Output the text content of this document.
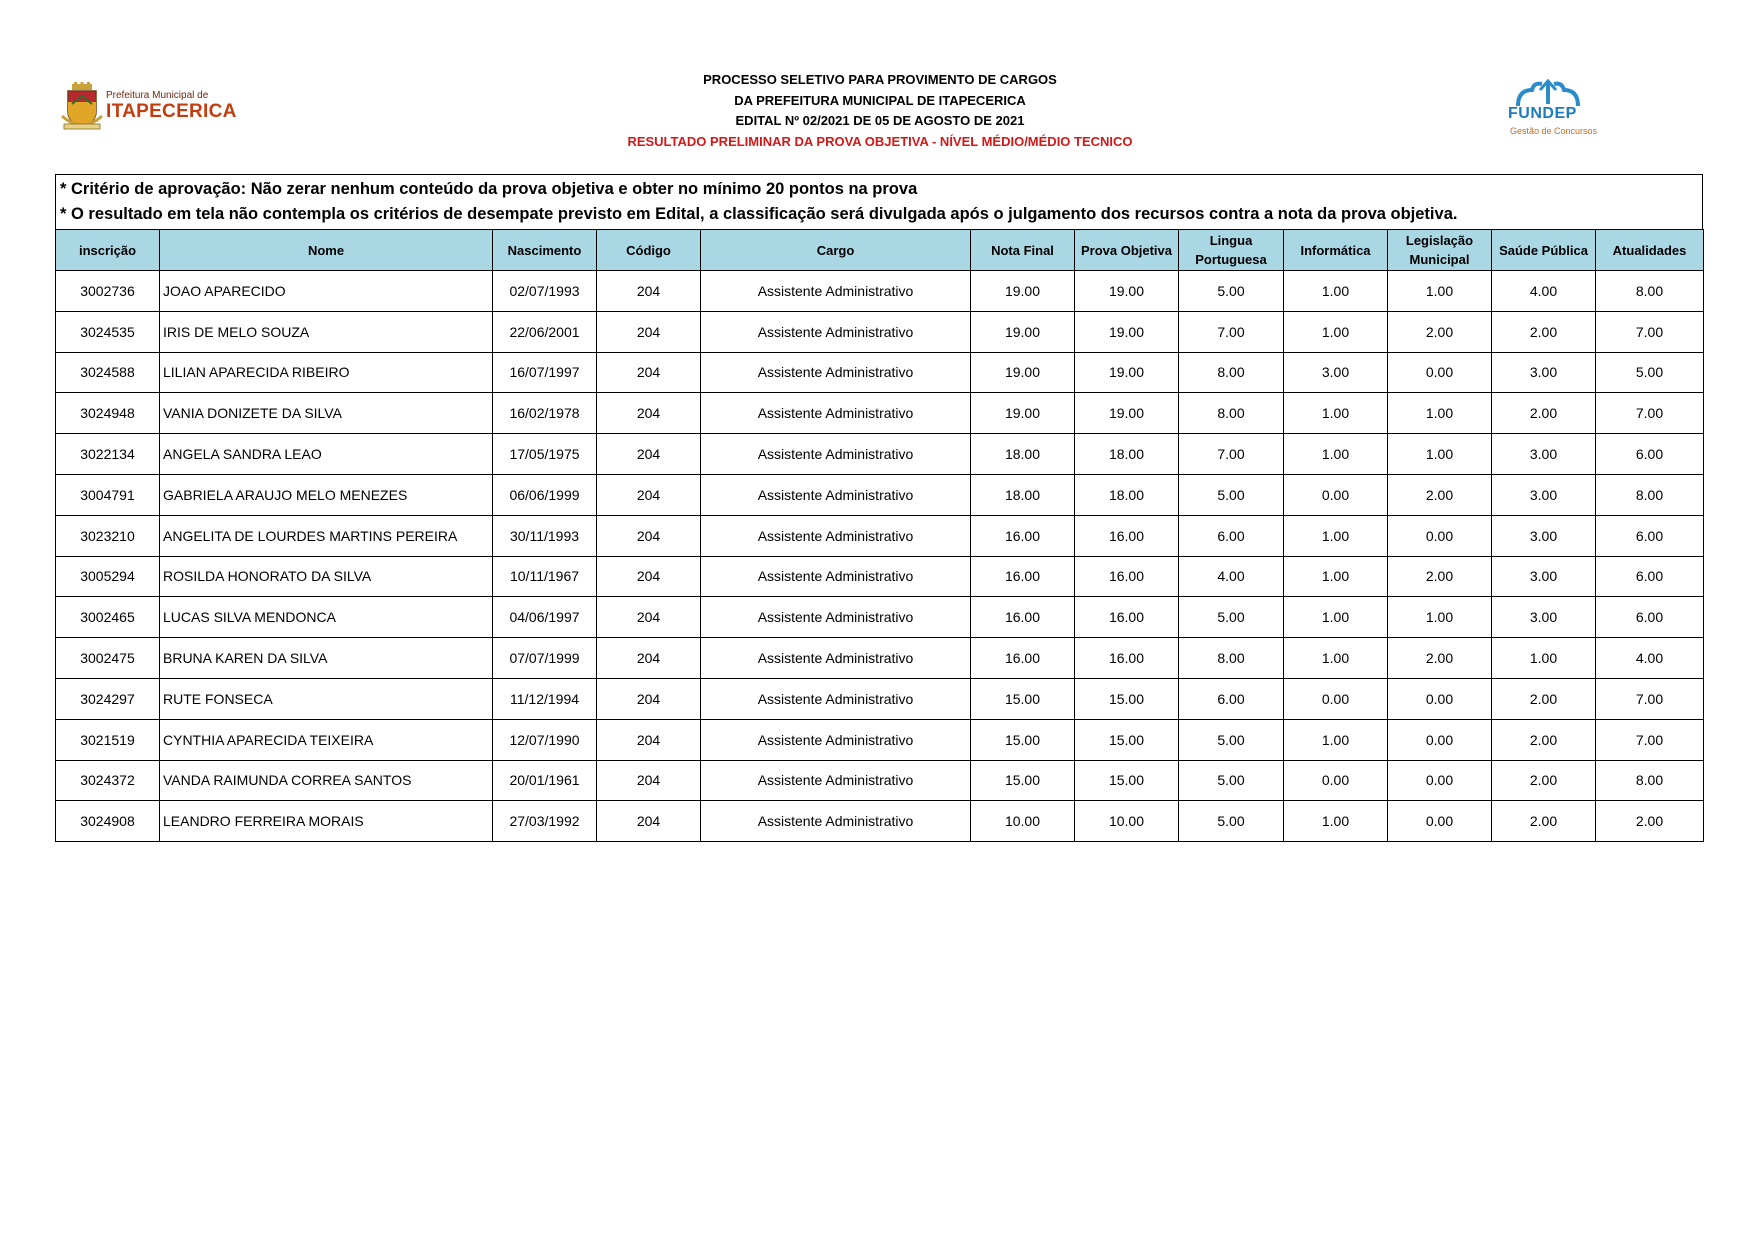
Prefeitura Municipal de
ITAPECERICA
PROCESSO SELETIVO PARA PROVIMENTO DE CARGOS
DA PREFEITURA MUNICIPAL DE ITAPECERICA
EDITAL Nº 02/2021 DE 05 DE AGOSTO DE 2021
RESULTADO PRELIMINAR DA PROVA OBJETIVA - NÍVEL MÉDIO/MÉDIO TECNICO
FUNDEP
Gestão de Concursos
* Critério de aprovação: Não zerar nenhum conteúdo da prova objetiva e obter no mínimo 20 pontos na prova
* O resultado em tela não contempla os critérios de desempate previsto em Edital, a classificação será divulgada após o julgamento dos recursos contra a nota da prova objetiva.
inscrição	Nome	Nascimento	Código	Cargo	Nota Final	Prova Objetiva	Lingua Portuguesa	Informática	Legislação Municipal	Saúde Pública	Atualidades
3002736	JOAO APARECIDO	02/07/1993	204	Assistente Administrativo	19.00	19.00	5.00	1.00	1.00	4.00	8.00
3024535	IRIS DE MELO SOUZA	22/06/2001	204	Assistente Administrativo	19.00	19.00	7.00	1.00	2.00	2.00	7.00
3024588	LILIAN APARECIDA RIBEIRO	16/07/1997	204	Assistente Administrativo	19.00	19.00	8.00	3.00	0.00	3.00	5.00
3024948	VANIA DONIZETE DA SILVA	16/02/1978	204	Assistente Administrativo	19.00	19.00	8.00	1.00	1.00	2.00	7.00
3022134	ANGELA SANDRA LEAO	17/05/1975	204	Assistente Administrativo	18.00	18.00	7.00	1.00	1.00	3.00	6.00
3004791	GABRIELA ARAUJO MELO MENEZES	06/06/1999	204	Assistente Administrativo	18.00	18.00	5.00	0.00	2.00	3.00	8.00
3023210	ANGELITA DE LOURDES MARTINS PEREIRA	30/11/1993	204	Assistente Administrativo	16.00	16.00	6.00	1.00	0.00	3.00	6.00
3005294	ROSILDA HONORATO DA SILVA	10/11/1967	204	Assistente Administrativo	16.00	16.00	4.00	1.00	2.00	3.00	6.00
3002465	LUCAS SILVA MENDONCA	04/06/1997	204	Assistente Administrativo	16.00	16.00	5.00	1.00	1.00	3.00	6.00
3002475	BRUNA KAREN DA SILVA	07/07/1999	204	Assistente Administrativo	16.00	16.00	8.00	1.00	2.00	1.00	4.00
3024297	RUTE FONSECA	11/12/1994	204	Assistente Administrativo	15.00	15.00	6.00	0.00	0.00	2.00	7.00
3021519	CYNTHIA APARECIDA TEIXEIRA	12/07/1990	204	Assistente Administrativo	15.00	15.00	5.00	1.00	0.00	2.00	7.00
3024372	VANDA RAIMUNDA CORREA SANTOS	20/01/1961	204	Assistente Administrativo	15.00	15.00	5.00	0.00	0.00	2.00	8.00
3024908	LEANDRO FERREIRA MORAIS	27/03/1992	204	Assistente Administrativo	10.00	10.00	5.00	1.00	0.00	2.00	2.00
